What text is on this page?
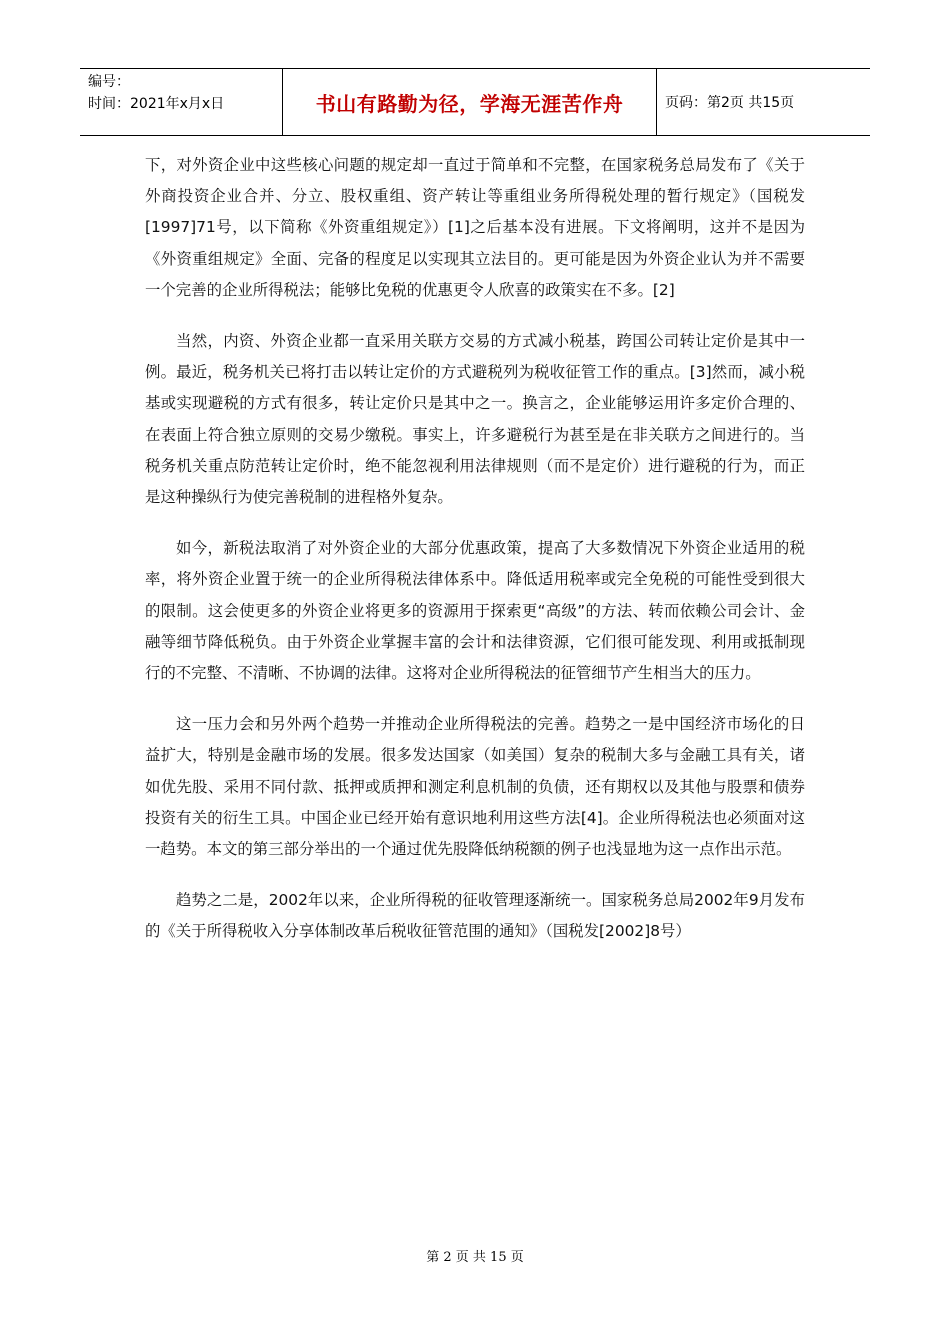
编号：
时间：2021年x月x日	书山有路勤为径，学海无涯苦作舟	页码：第2页 共15页

下，对外资企业中这些核心问题的规定却一直过于简单和不完整，在国家税务总局发布了《关于外商投资企业合并、分立、股权重组、资产转让等重组业务所得税处理的暂行规定》（国税发[1997]71号，以下简称《外资重组规定》）[1]之后基本没有进展。下文将阐明，这并不是因为《外资重组规定》全面、完备的程度足以实现其立法目的。更可能是因为外资企业认为并不需要一个完善的企业所得税法；能够比免税的优惠更令人欣喜的政策实在不多。[2]

当然，内资、外资企业都一直采用关联方交易的方式减小税基，跨国公司转让定价是其中一例。最近，税务机关已将打击以转让定价的方式避税列为税收征管工作的重点。[3]然而，减小税基或实现避税的方式有很多，转让定价只是其中之一。换言之，企业能够运用许多定价合理的、在表面上符合独立原则的交易少缴税。事实上，许多避税行为甚至是在非关联方之间进行的。当税务机关重点防范转让定价时，绝不能忽视利用法律规则（而不是定价）进行避税的行为，而正是这种操纵行为使完善税制的进程格外复杂。

如今，新税法取消了对外资企业的大部分优惠政策，提高了大多数情况下外资企业适用的税率，将外资企业置于统一的企业所得税法律体系中。降低适用税率或完全免税的可能性受到很大的限制。这会使更多的外资企业将更多的资源用于探索更“高级”的方法、转而依赖公司会计、金融等细节降低税负。由于外资企业掌握丰富的会计和法律资源，它们很可能发现、利用或抵制现行的不完整、不清晰、不协调的法律。这将对企业所得税法的征管细节产生相当大的压力。

这一压力会和另外两个趋势一并推动企业所得税法的完善。趋势之一是中国经济市场化的日益扩大，特别是金融市场的发展。很多发达国家（如美国）复杂的税制大多与金融工具有关，诸如优先股、采用不同付款、抵押或质押和测定利息机制的负债，还有期权以及其他与股票和债券投资有关的衍生工具。中国企业已经开始有意识地利用这些方法[4]。企业所得税法也必须面对这一趋势。本文的第三部分举出的一个通过优先股降低纳税额的例子也浅显地为这一点作出示范。

趋势之二是，2002年以来，企业所得税的征收管理逐渐统一。国家税务总局2002年9月发布的《关于所得税收入分享体制改革后税收征管范围的通知》（国税发[2002]8号）

第 2 页 共 15 页
